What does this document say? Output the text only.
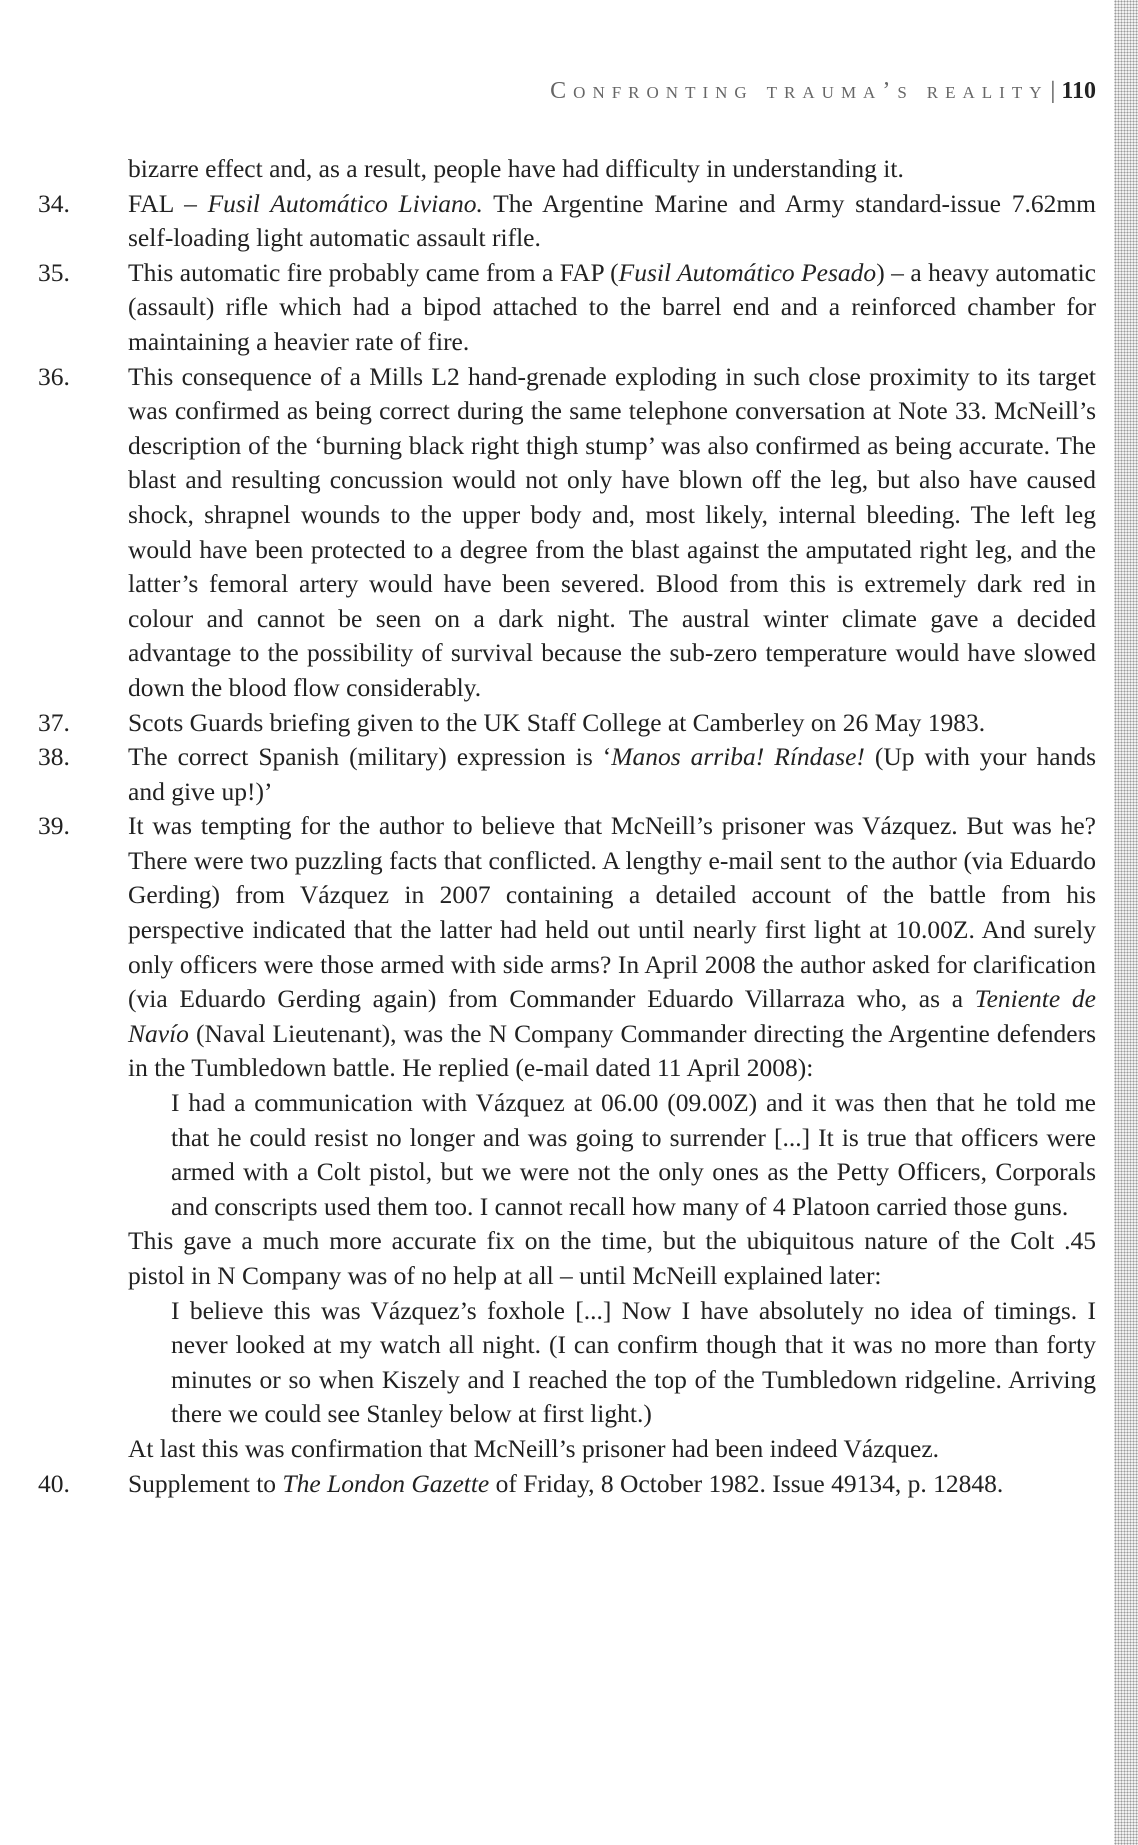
Confronting trauma’s reality | 110

bizarre effect and, as a result, people have had difficulty in understanding it.

34.	FAL – Fusil Automático Liviano. The Argentine Marine and Army standard-issue 7.62mm self-loading light automatic assault rifle.
35.	This automatic fire probably came from a FAP (Fusil Automático Pesado) – a heavy automatic (assault) rifle which had a bipod attached to the barrel end and a reinforced chamber for maintaining a heavier rate of fire.
36.	This consequence of a Mills L2 hand-grenade exploding in such close proximity to its target was confirmed as being correct during the same telephone conversation at Note 33. McNeill’s description of the ‘burning black right thigh stump’ was also confirmed as being accurate. The blast and resulting concussion would not only have blown off the leg, but also have caused shock, shrapnel wounds to the upper body and, most likely, internal bleeding. The left leg would have been protected to a degree from the blast against the amputated right leg, and the latter’s femoral artery would have been severed. Blood from this is extremely dark red in colour and cannot be seen on a dark night. The austral winter climate gave a decided advantage to the possibility of survival because the sub-zero temperature would have slowed down the blood flow considerably.
37.	Scots Guards briefing given to the UK Staff College at Camberley on 26 May 1983.
38.	The correct Spanish (military) expression is ‘Manos arriba! Ríndase! (Up with your hands and give up!)’
39.	It was tempting for the author to believe that McNeill’s prisoner was Vázquez. But was he? There were two puzzling facts that conflicted. A lengthy e-mail sent to the author (via Eduardo Gerding) from Vázquez in 2007 containing a detailed account of the battle from his perspective indicated that the latter had held out until nearly first light at 10.00Z. And surely only officers were those armed with side arms? In April 2008 the author asked for clarification (via Eduardo Gerding again) from Commander Eduardo Villarraza who, as a Teniente de Navío (Naval Lieutenant), was the N Company Commander directing the Argentine defenders in the Tumbledown battle. He replied (e-mail dated 11 April 2008):

I had a communication with Vázquez at 06.00 (09.00Z) and it was then that he told me that he could resist no longer and was going to surrender [...] It is true that officers were armed with a Colt pistol, but we were not the only ones as the Petty Officers, Corporals and conscripts used them too. I cannot recall how many of 4 Platoon carried those guns.

This gave a much more accurate fix on the time, but the ubiquitous nature of the Colt .45 pistol in N Company was of no help at all – until McNeill explained later:

I believe this was Vázquez’s foxhole [...] Now I have absolutely no idea of timings. I never looked at my watch all night. (I can confirm though that it was no more than forty minutes or so when Kiszely and I reached the top of the Tumbledown ridgeline. Arriving there we could see Stanley below at first light.)

At last this was confirmation that McNeill’s prisoner had been indeed Vázquez.

40.	Supplement to The London Gazette of Friday, 8 October 1982. Issue 49134, p. 12848.
